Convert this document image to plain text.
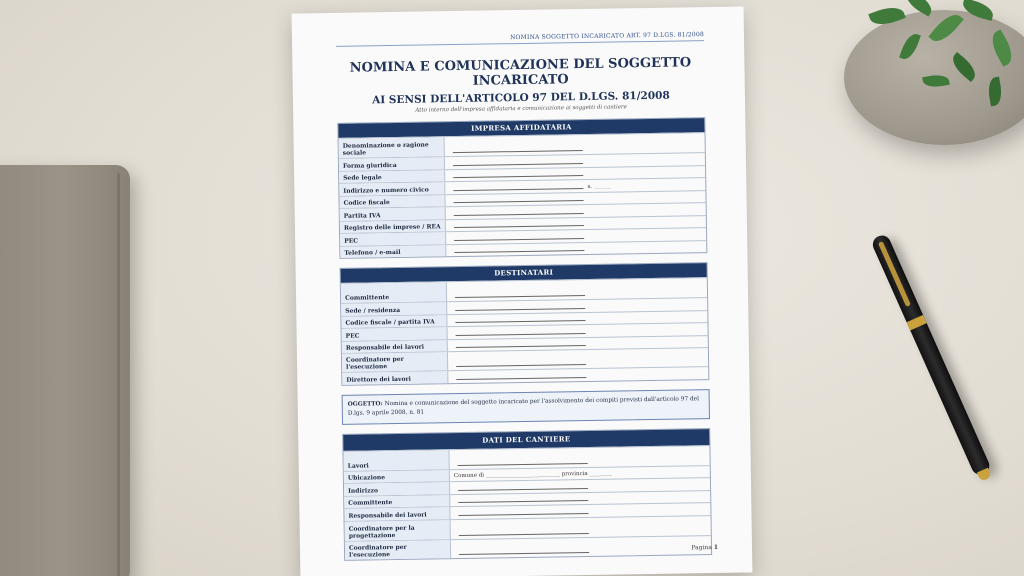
NOMINA SOGGETTO INCARICATO ART. 97 D.LGS. 81/2008
NOMINA E COMUNICAZIONE DEL SOGGETTO
INCARICATO
AI SENSI DELL'ARTICOLO 97 DEL D.LGS. 81/2008
Atto interno dell'impresa affidataria e comunicazione ai soggetti di cantiere
IMPRESA AFFIDATARIA
Denominazione o ragione sociale
Forma giuridica
Sede legale
Indirizzo e numero civico	n. _______
Codice fiscale
Partita IVA
Registro delle imprese / REA
PEC
Telefono / e-mail
DESTINATARI
Committente
Sede / residenza
Codice fiscale / partita IVA
PEC
Responsabile dei lavori
Coordinatore per l'esecuzione
Direttore dei lavori
OGGETTO: Nomina e comunicazione del soggetto incaricato per l'assolvimento dei compiti previsti dall'articolo 97 del D.lgs. 9 aprile 2008, n. 81
DATI DEL CANTIERE
Lavori
Ubicazione	Comune di ___________________________ provincia ________
Indirizzo
Committente
Responsabile dei lavori
Coordinatore per la progettazione
Coordinatore per l'esecuzione
Pagina 1
